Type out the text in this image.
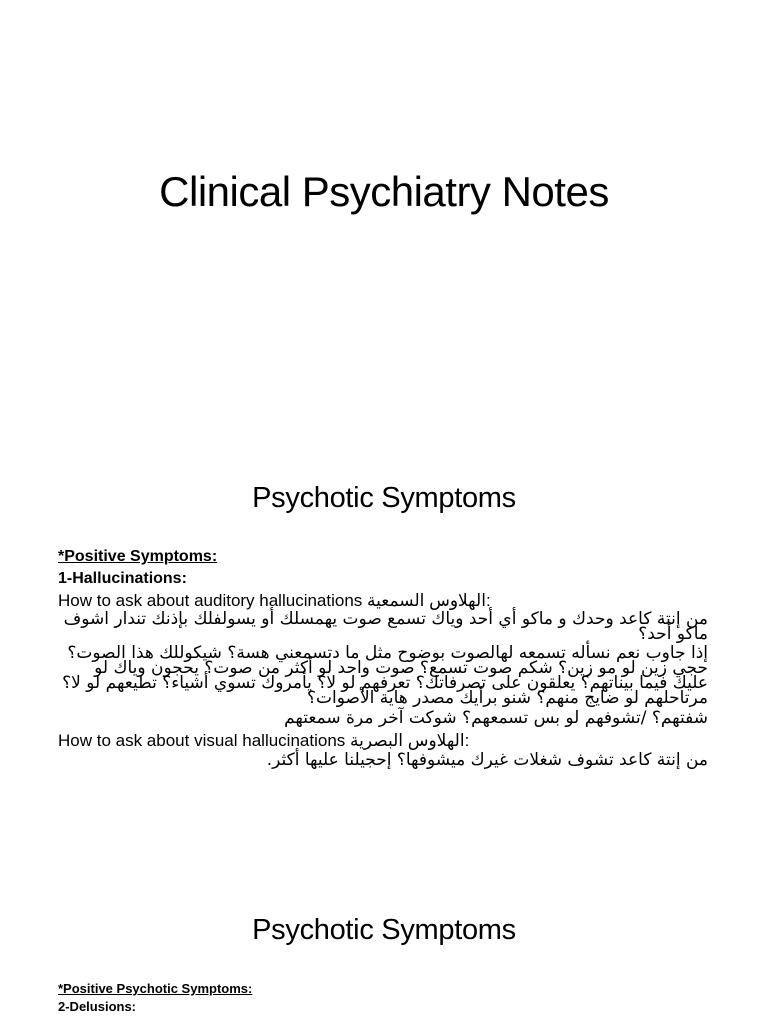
Clinical Psychiatry Notes
Psychotic Symptoms

*Positive Symptoms:

1-Hallucinations:

How to ask about auditory hallucinations الهلاوس السمعية:

من إنتة كاعد وحدك و ماكو أي أحد وياك تسمع صوت يهمسلك أو يسولفلك بإذنك تندار اشوف ماكو أحد؟

إذا جاوب نعم نسأله تسمعه لهالصوت بوضوح مثل ما دتسمعني هسة؟ شيكوللك هذا الصوت؟ حجي زين لو مو زين؟ شكم صوت تسمع؟ صوت واحد لو أكثر من صوت؟ يحجون وياك لو عليك فيما بيناتهم؟ يعلقون على تصرفاتك؟ تعرفهم لو لا؟ يأمروك تسوي أشياء؟ تطيعهم لو لا؟ مرتاحلهم لو ضايج منهم؟ شنو برأيك مصدر هاية الأصوات؟

شفتهم؟ /تشوفهم لو بس تسمعهم؟ شوكت آخر مرة سمعتهم

How to ask about visual hallucinations الهلاوس البصرية:

من إنتة كاعد تشوف شغلات غيرك ميشوفها؟ إحجيلنا عليها أكثر.

Psychotic Symptoms

*Positive Psychotic Symptoms:

2-Delusions:
